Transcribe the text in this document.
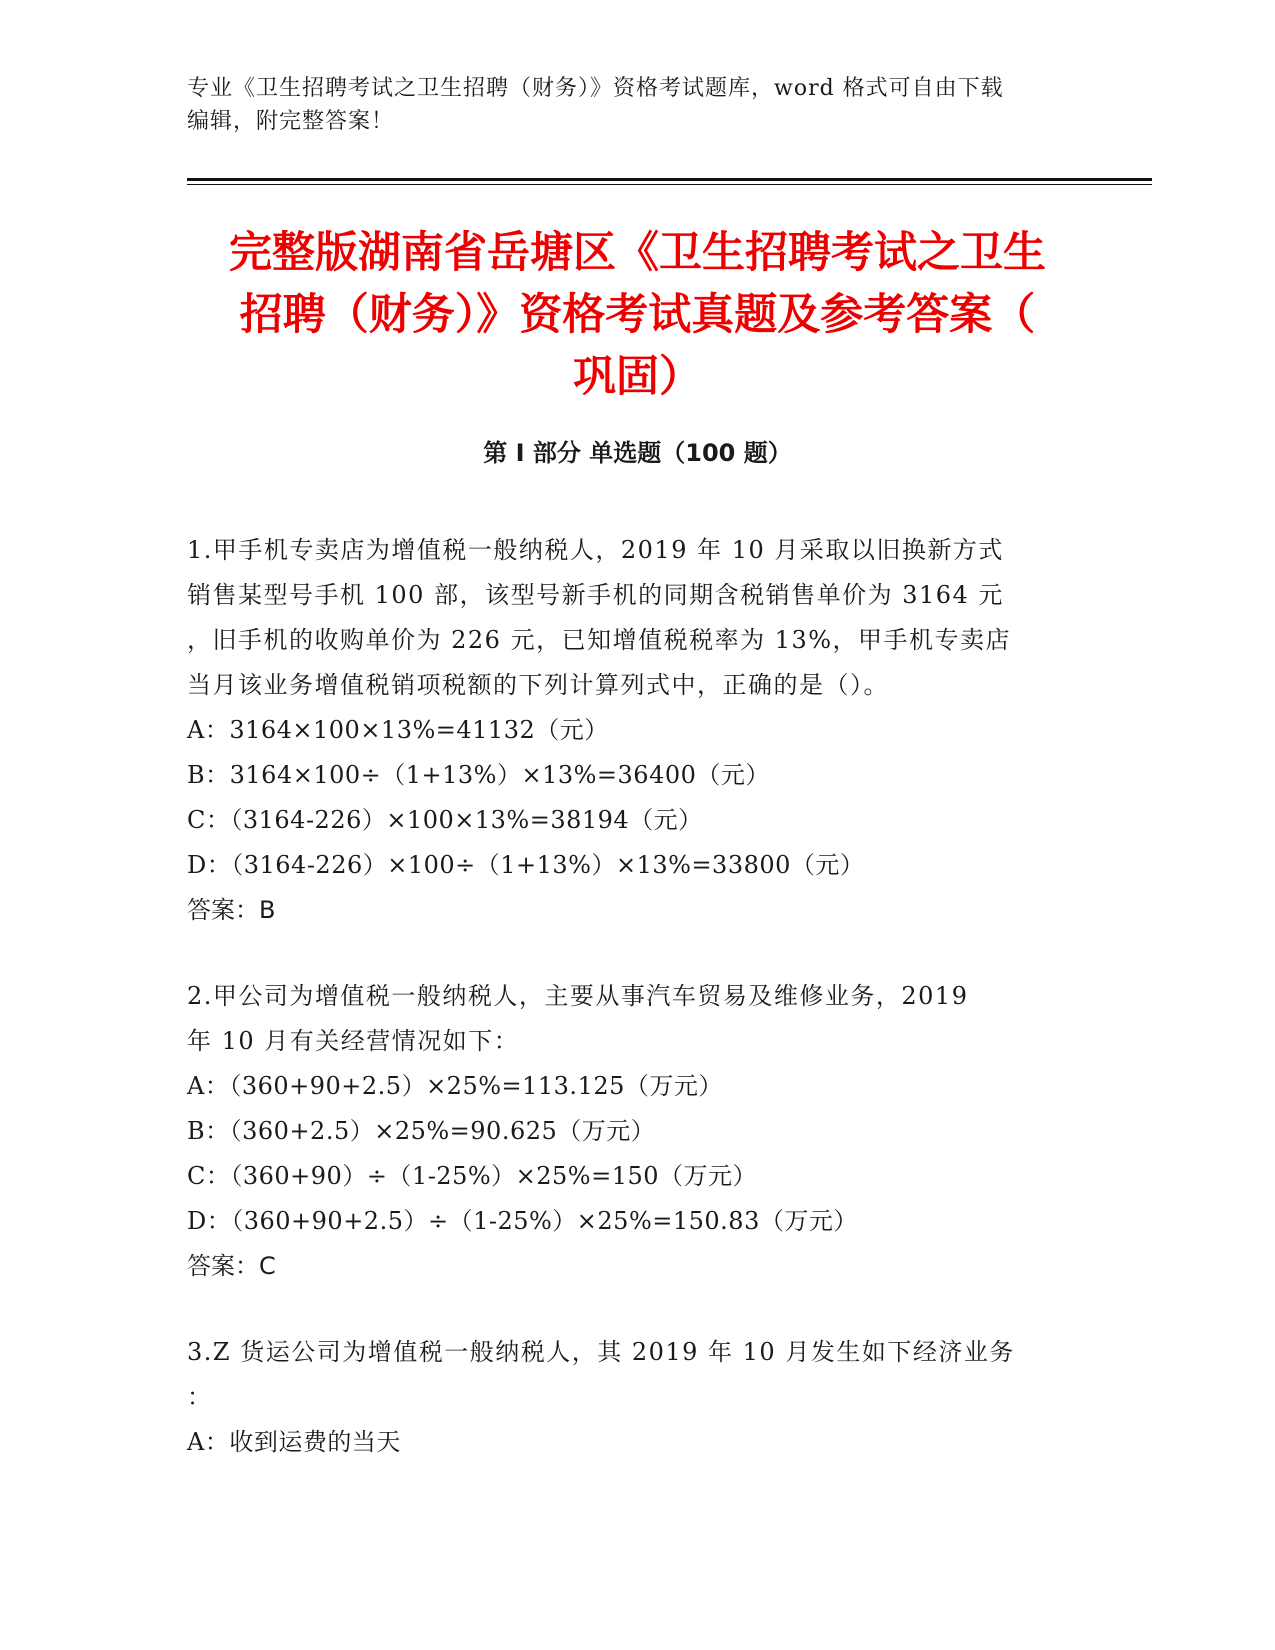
专业《卫生招聘考试之卫生招聘（财务）》资格考试题库，word 格式可自由下载
编辑，附完整答案！
完整版湖南省岳塘区《卫生招聘考试之卫生
招聘（财务）》资格考试真题及参考答案（
巩固）
第 I 部分 单选题（100 题）

1.甲手机专卖店为增值税一般纳税人，2019 年 10 月采取以旧换新方式
销售某型号手机 100 部，该型号新手机的同期含税销售单价为 3164 元
，旧手机的收购单价为 226 元，已知增值税税率为 13%，甲手机专卖店
当月该业务增值税销项税额的下列计算列式中，正确的是（）。

A：3164×100×13%=41132（元）

B：3164×100÷（1+13%）×13%=36400（元）

C：（3164-226）×100×13%=38194（元）

D：（3164-226）×100÷（1+13%）×13%=33800（元）

答案：B

2.甲公司为增值税一般纳税人，主要从事汽车贸易及维修业务，2019
年 10 月有关经营情况如下：

A：（360+90+2.5）×25%=113.125（万元）

B：（360+2.5）×25%=90.625（万元）

C：（360+90）÷（1-25%）×25%=150（万元）

D：（360+90+2.5）÷（1-25%）×25%=150.83（万元）

答案：C

3.Z 货运公司为增值税一般纳税人，其 2019 年 10 月发生如下经济业务
：

A：收到运费的当天
